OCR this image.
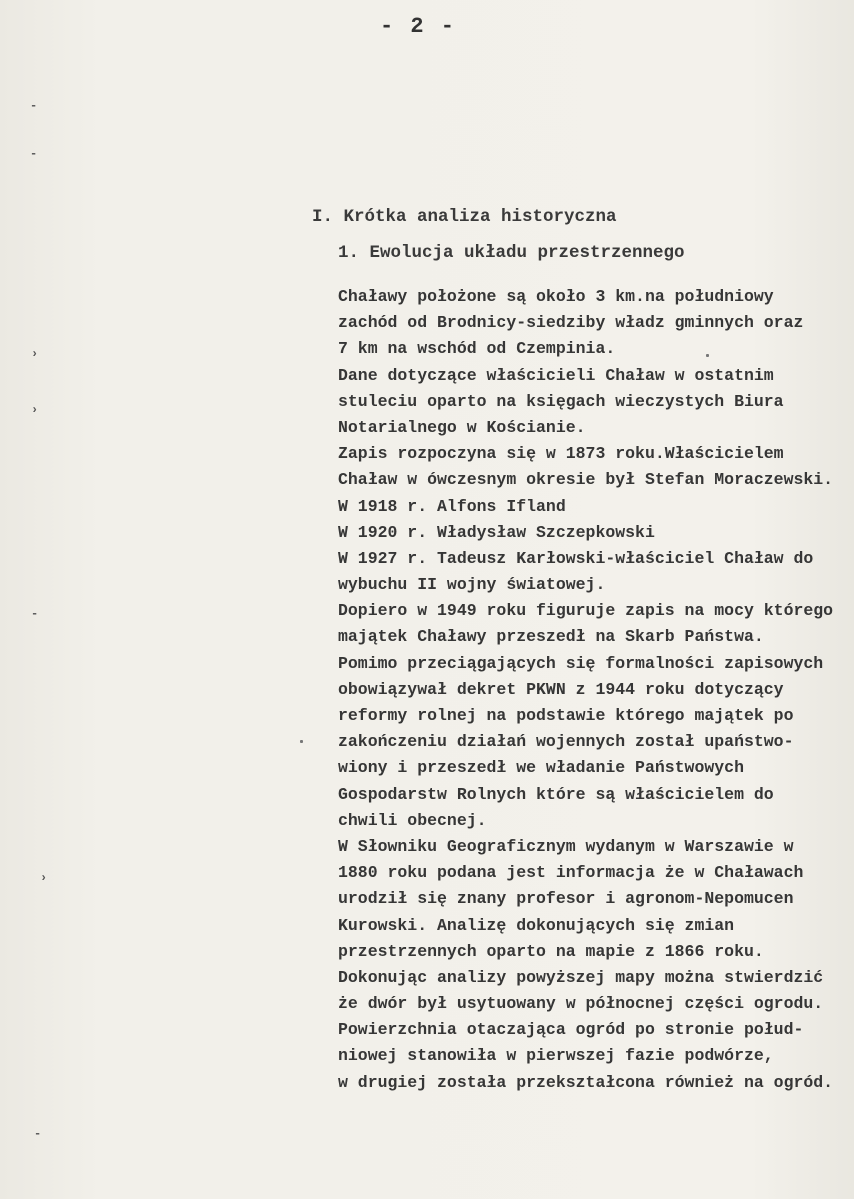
- 2 -
-
-
›
›
-
›
-
I. Krótka analiza historyczna
1. Ewolucja układu przestrzennego
Chaławy położone są około 3 km.na południowy
zachód od Brodnicy-siedziby władz gminnych oraz
7 km na wschód od Czempinia.
Dane dotyczące właścicieli Chaław w ostatnim
stuleciu oparto na księgach wieczystych Biura
Notarialnego w Kościanie.
Zapis rozpoczyna się w 1873 roku.Właścicielem
Chaław w ówczesnym okresie był Stefan Moraczewski.
W 1918 r. Alfons Ifland
W 1920 r. Władysław Szczepkowski
W 1927 r. Tadeusz Karłowski-właściciel Chaław do
wybuchu II wojny światowej.
Dopiero w 1949 roku figuruje zapis na mocy którego
majątek Chaławy przeszedł na Skarb Państwa.
Pomimo przeciągających się formalności zapisowych
obowiązywał dekret PKWN z 1944 roku dotyczący
reformy rolnej na podstawie którego majątek po
zakończeniu działań wojennych został upaństwo-
wiony i przeszedł we władanie Państwowych
Gospodarstw Rolnych które są właścicielem do
chwili obecnej.
W Słowniku Geograficznym wydanym w Warszawie w
1880 roku podana jest informacja że w Chaławach
urodził się znany profesor i agronom-Nepomucen
Kurowski. Analizę dokonujących się zmian
przestrzennych oparto na mapie z 1866 roku.
Dokonując analizy powyższej mapy można stwierdzić
że dwór był usytuowany w północnej części ogrodu.
Powierzchnia otaczająca ogród po stronie połud-
niowej stanowiła w pierwszej fazie podwórze,
w drugiej została przekształcona również na ogród.
